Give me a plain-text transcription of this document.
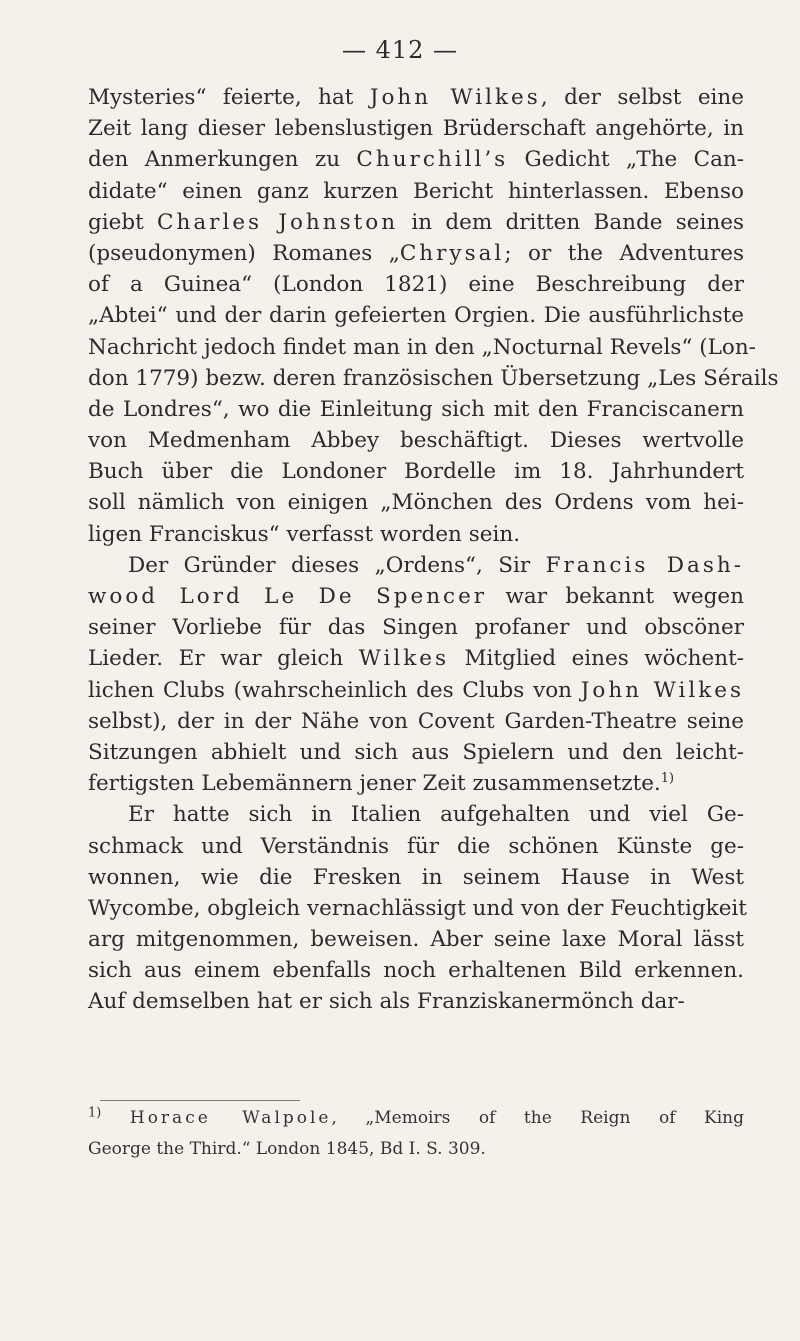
— 412 —
Mysteries“ feierte, hat John Wilkes, der selbst eine
Zeit lang dieser lebenslustigen Brüderschaft angehörte, in
den Anmerkungen zu Churchill’s Gedicht „The Can-
didate“ einen ganz kurzen Bericht hinterlassen. Ebenso
giebt Charles Johnston in dem dritten Bande seines
(pseudonymen) Romanes „Chrysal; or the Adventures
of a Guinea“ (London 1821) eine Beschreibung der
„Abtei“ und der darin gefeierten Orgien. Die ausführlichste
Nachricht jedoch findet man in den „Nocturnal Revels“ (Lon-
don 1779) bezw. deren französischen Übersetzung „Les Sérails
de Londres“, wo die Einleitung sich mit den Franciscanern
von Medmenham Abbey beschäftigt. Dieses wertvolle
Buch über die Londoner Bordelle im 18. Jahrhundert
soll nämlich von einigen „Mönchen des Ordens vom hei-
ligen Franciskus“ verfasst worden sein.
Der Gründer dieses „Ordens“, Sir Francis Dash-
wood Lord Le De Spencer war bekannt wegen
seiner Vorliebe für das Singen profaner und obscöner
Lieder. Er war gleich Wilkes Mitglied eines wöchent-
lichen Clubs (wahrscheinlich des Clubs von John Wilkes
selbst), der in der Nähe von Covent Garden-Theatre seine
Sitzungen abhielt und sich aus Spielern und den leicht-
fertigsten Lebemännern jener Zeit zusammensetzte.$^{1)}$
Er hatte sich in Italien aufgehalten und viel Ge-
schmack und Verständnis für die schönen Künste ge-
wonnen, wie die Fresken in seinem Hause in West
Wycombe, obgleich vernachlässigt und von der Feuchtigkeit
arg mitgenommen, beweisen. Aber seine laxe Moral lässt
sich aus einem ebenfalls noch erhaltenen Bild erkennen.
Auf demselben hat er sich als Franziskanermönch dar-
$^{1)}$ Horace Walpole, „Memoirs of the Reign of King
George the Third.“ London 1845, Bd I. S. 309.
